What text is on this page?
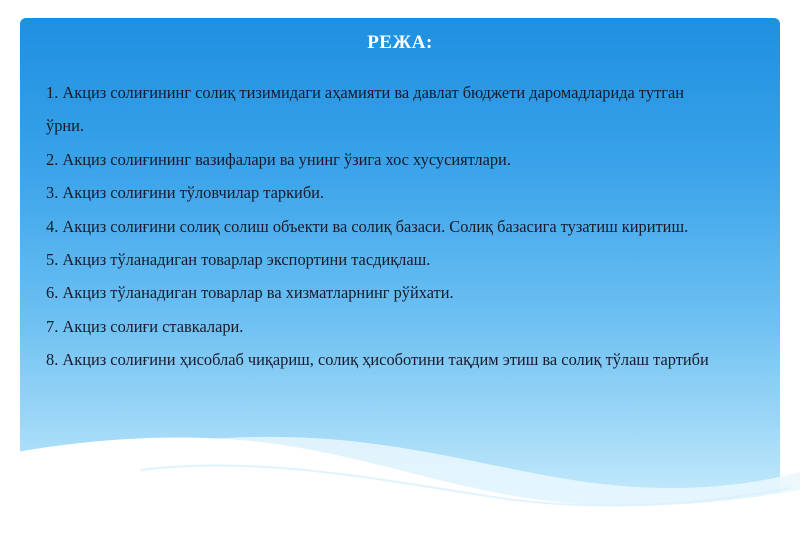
РЕЖА:
1. Акциз солиғининг солиқ тизимидаги аҳамияти ва давлат бюджети даромадларида тутган ўрни.
2. Акциз солиғининг вазифалари ва унинг ўзига хос хусусиятлари.
3. Акциз солиғини тўловчилар таркиби.
4. Акциз солиғини солиқ солиш объекти ва солиқ базаси. Солиқ базасига тузатиш киритиш.
5. Акциз тўланадиган товарлар экспортини тасдиқлаш.
6. Акциз тўланадиган товарлар ва хизматларнинг рўйхати.
7. Акциз солиғи ставкалари.
8. Акциз солиғини ҳисоблаб чиқариш, солиқ ҳисоботини тақдим этиш ва солиқ тўлаш тартиби
